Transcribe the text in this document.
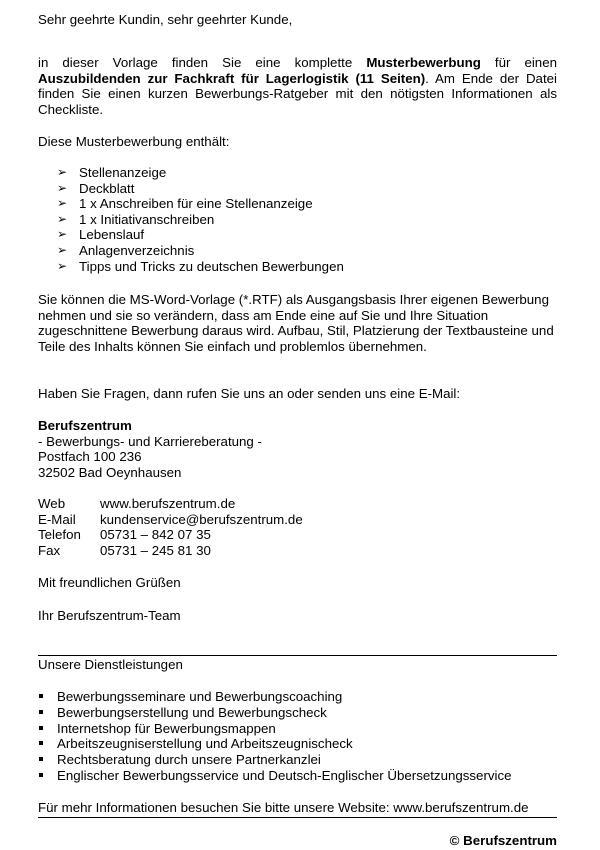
Sehr geehrte Kundin, sehr geehrter Kunde,

in dieser Vorlage finden Sie eine komplette Musterbewerbung für einen Auszubildenden zur Fachkraft für Lagerlogistik (11 Seiten). Am Ende der Datei finden Sie einen kurzen Bewerbungs-Ratgeber mit den nötigsten Informationen als Checkliste.

Diese Musterbewerbung enthält:

➢ Stellenanzeige
➢ Deckblatt
➢ 1 x Anschreiben für eine Stellenanzeige
➢ 1 x Initiativanschreiben
➢ Lebenslauf
➢ Anlagenverzeichnis
➢ Tipps und Tricks zu deutschen Bewerbungen

Sie können die MS-Word-Vorlage (*.RTF) als Ausgangsbasis Ihrer eigenen Bewerbung nehmen und sie so verändern, dass am Ende eine auf Sie und Ihre Situation zugeschnittene Bewerbung daraus wird. Aufbau, Stil, Platzierung der Textbausteine und Teile des Inhalts können Sie einfach und problemlos übernehmen.

Haben Sie Fragen, dann rufen Sie uns an oder senden uns eine E-Mail:

Berufszentrum
- Bewerbungs- und Karriereberatung -
Postfach 100 236
32502 Bad Oeynhausen
Web	www.berufszentrum.de
E-Mail	kundenservice@berufszentrum.de
Telefon	05731 – 842 07 35
Fax	05731 – 245 81 30

Mit freundlichen Grüßen

Ihr Berufszentrum-Team

Unsere Dienstleistungen

Bewerbungsseminare und Bewerbungscoaching
Bewerbungserstellung und Bewerbungscheck
Internetshop für Bewerbungsmappen
Arbeitszeugniserstellung und Arbeitszeugnischeck
Rechtsberatung durch unsere Partnerkanzlei
Englischer Bewerbungsservice und Deutsch-Englischer Übersetzungsservice

Für mehr Informationen besuchen Sie bitte unsere Website: www.berufszentrum.de

© Berufszentrum
